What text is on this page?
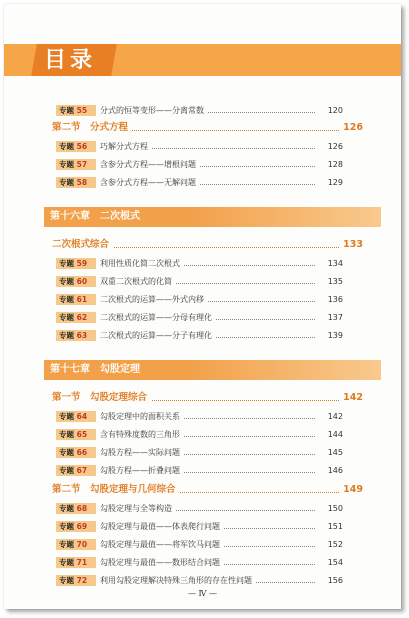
目录
专题 55	分式的恒等变形——分离常数	120
第二节　分式方程	126
专题 56	巧解分式方程	126
专题 57	含参分式方程——增根问题	128
专题 58	含参分式方程——无解问题	129
第十六章　二次根式
二次根式综合	133
专题 59	利用性质化简二次根式	134
专题 60	双重二次根式的化简	135
专题 61	二次根式的运算——外式内移	136
专题 62	二次根式的运算——分母有理化	137
专题 63	二次根式的运算——分子有理化	139
第十七章　勾股定理
第一节　勾股定理综合	142
专题 64	勾股定理中的面积关系	142
专题 65	含有特殊度数的三角形	144
专题 66	勾股方程——实际问题	145
专题 67	勾股方程——折叠问题	146
第二节　勾股定理与几何综合	149
专题 68	勾股定理与全等构造	150
专题 69	勾股定理与最值——体表爬行问题	151
专题 70	勾股定理与最值——将军饮马问题	152
专题 71	勾股定理与最值——数形结合问题	154
专题 72	利用勾股定理解决特殊三角形的存在性问题	156
— Ⅳ —
